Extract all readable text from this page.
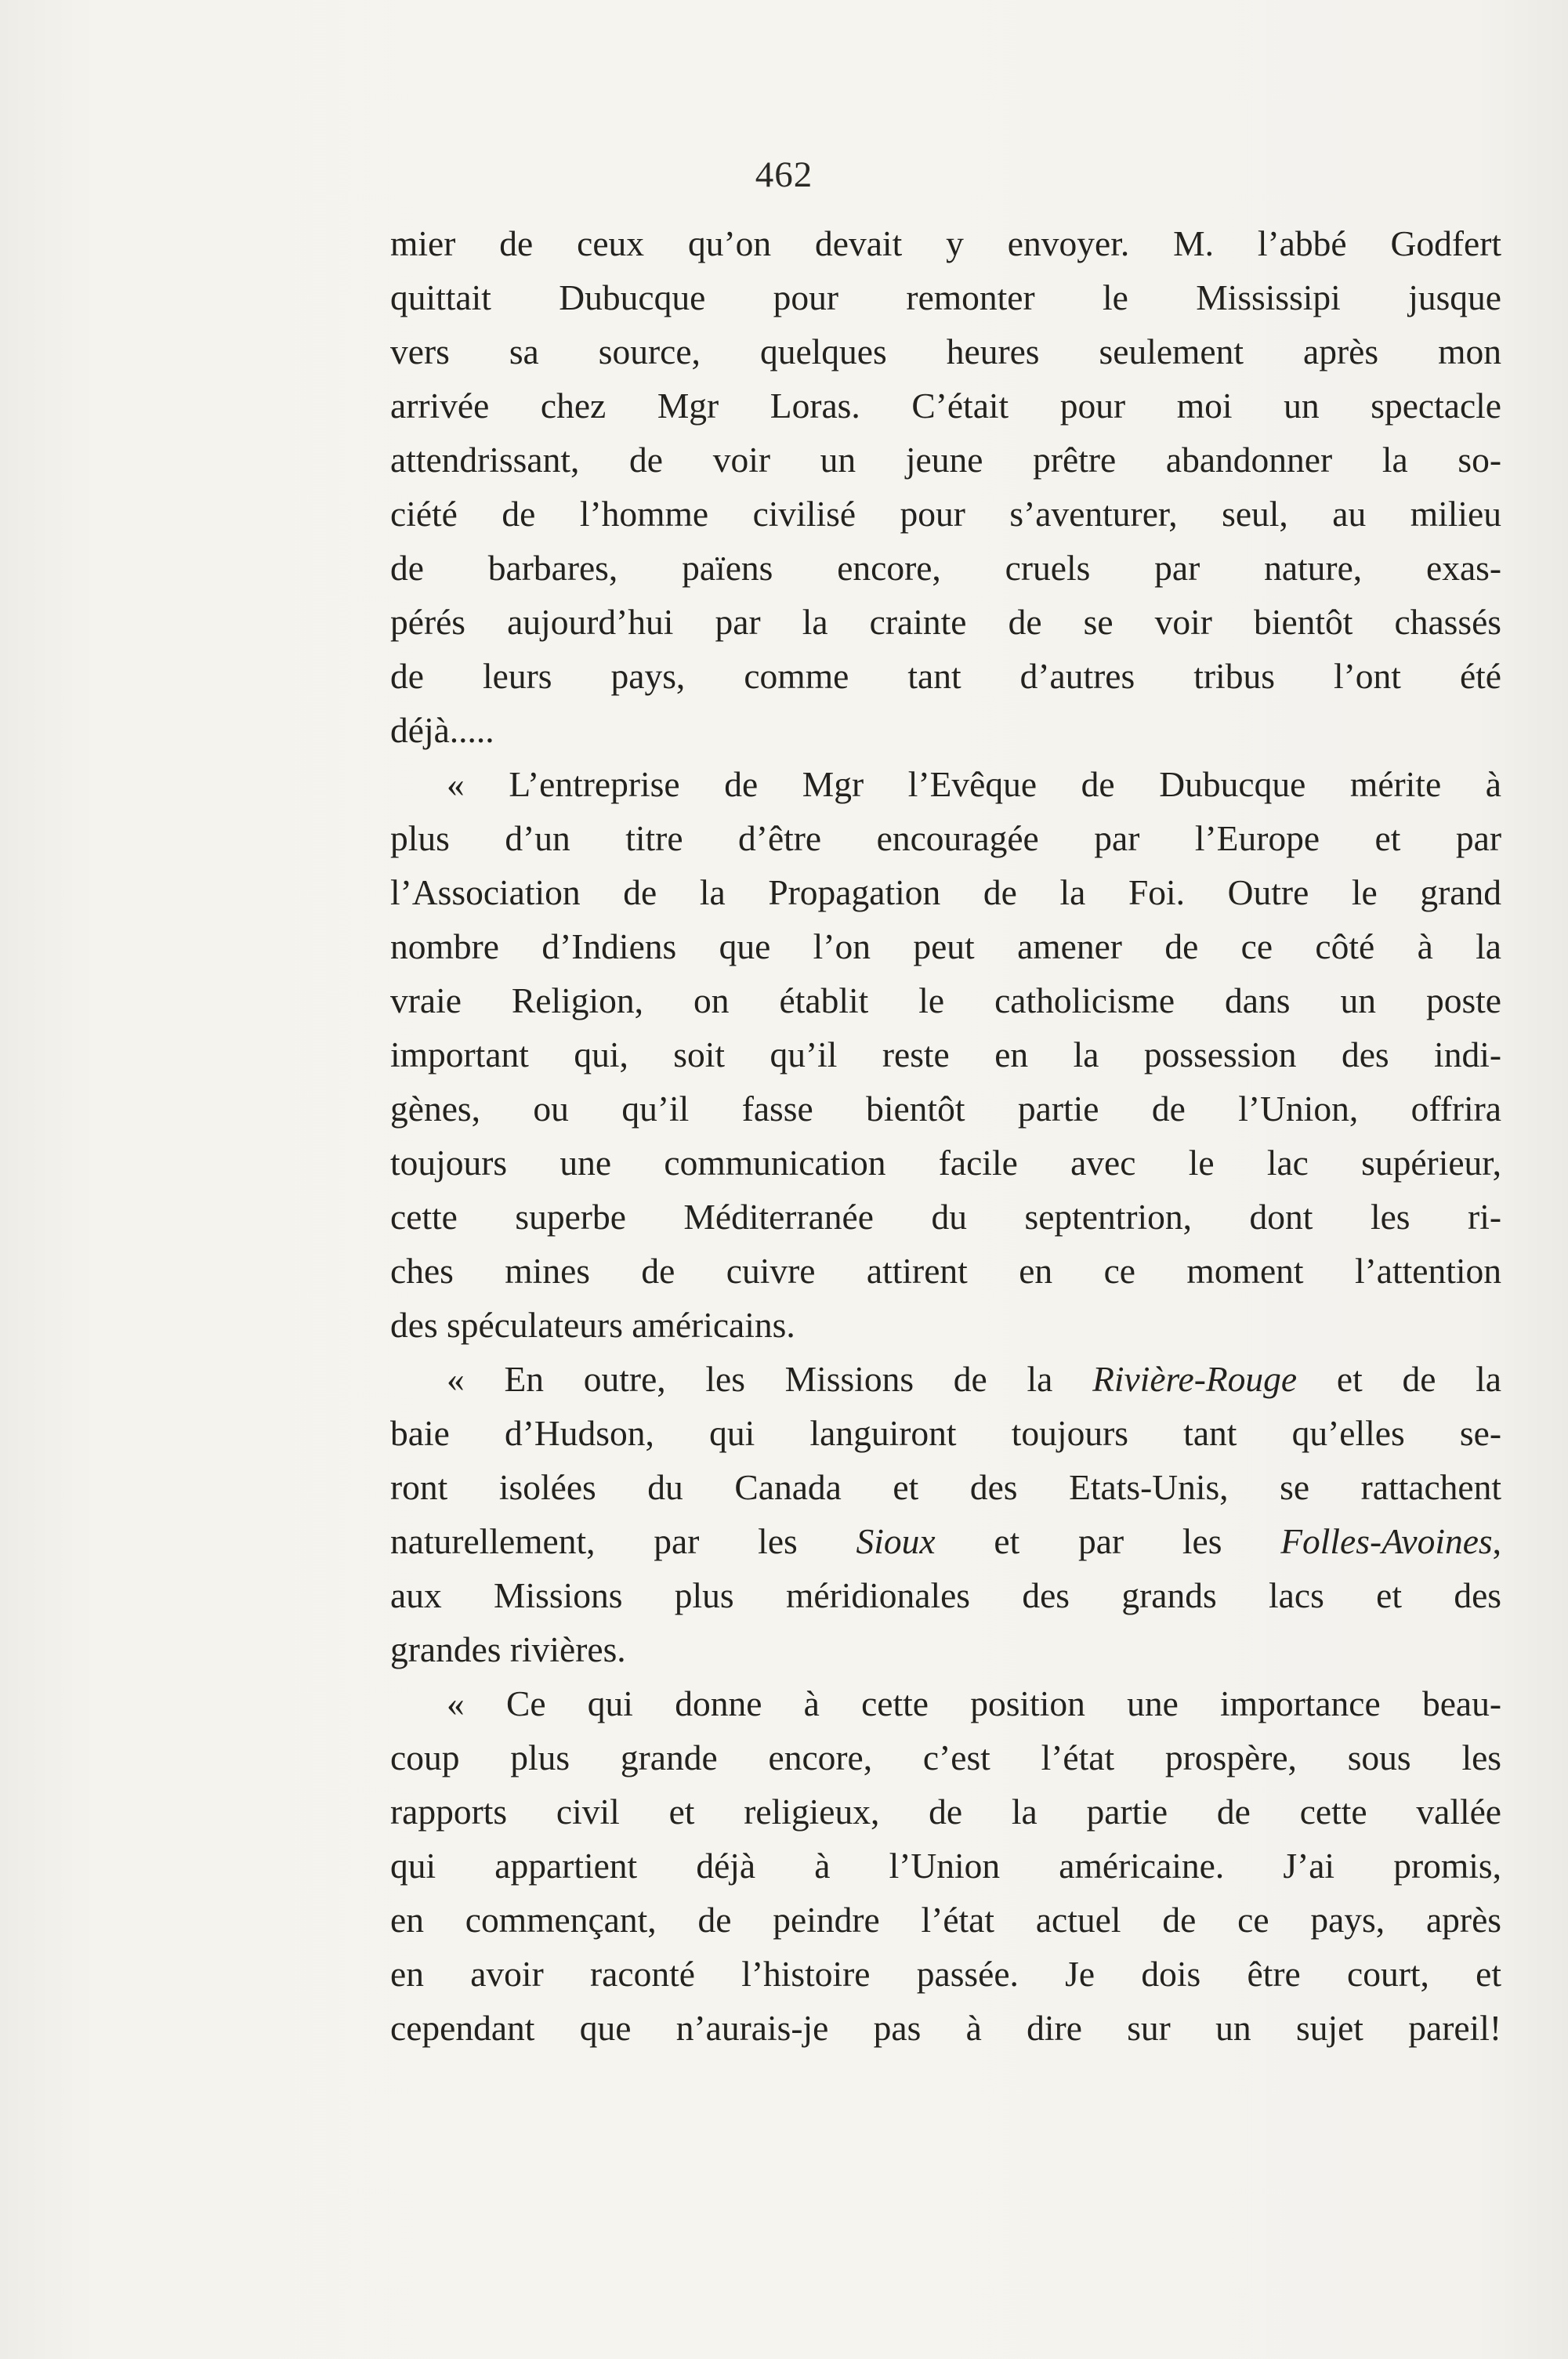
462
mier de ceux qu’on devait y envoyer. M. l’abbé Godfert
quittait Dubucque pour remonter le Mississipi jusque
vers sa source, quelques heures seulement après mon
arrivée chez Mgr Loras. C’était pour moi un spectacle
attendrissant, de voir un jeune prêtre abandonner la so-
ciété de l’homme civilisé pour s’aventurer, seul, au milieu
de barbares, païens encore, cruels par nature, exas-
pérés aujourd’hui par la crainte de se voir bientôt chassés
de leurs pays, comme tant d’autres tribus l’ont été
déjà.....
« L’entreprise de Mgr l’Evêque de Dubucque mérite à
plus d’un titre d’être encouragée par l’Europe et par
l’Association de la Propagation de la Foi. Outre le grand
nombre d’Indiens que l’on peut amener de ce côté à la
vraie Religion, on établit le catholicisme dans un poste
important qui, soit qu’il reste en la possession des indi-
gènes, ou qu’il fasse bientôt partie de l’Union, offrira
toujours une communication facile avec le lac supérieur,
cette superbe Méditerranée du septentrion, dont les ri-
ches mines de cuivre attirent en ce moment l’attention
des spéculateurs américains.
« En outre, les Missions de la Rivière-Rouge et de la
baie d’Hudson, qui languiront toujours tant qu’elles se-
ront isolées du Canada et des Etats-Unis, se rattachent
naturellement, par les Sioux et par les Folles-Avoines,
aux Missions plus méridionales des grands lacs et des
grandes rivières.
« Ce qui donne à cette position une importance beau-
coup plus grande encore, c’est l’état prospère, sous les
rapports civil et religieux, de la partie de cette vallée
qui appartient déjà à l’Union américaine. J’ai promis,
en commençant, de peindre l’état actuel de ce pays, après
en avoir raconté l’histoire passée. Je dois être court, et
cependant que n’aurais-je pas à dire sur un sujet pareil!
